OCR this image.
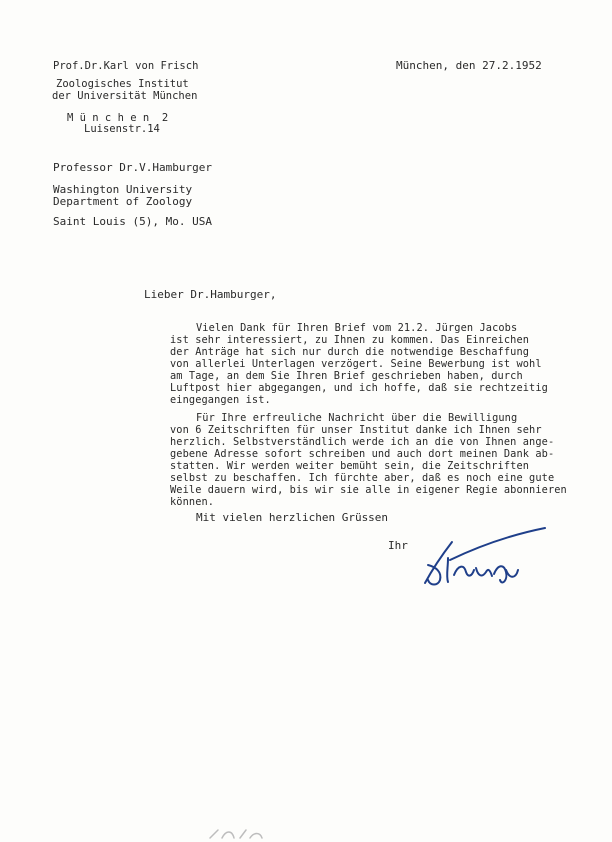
Prof.Dr.Karl von Frisch
Zoologisches Institut
der Universität München
M ü n c h e n  2
Luisenstr.14
München, den 27.2.1952
Professor Dr.V.Hamburger
Washington University
Department of Zoology
Saint Louis (5), Mo. USA
Lieber Dr.Hamburger,
Vielen Dank für Ihren Brief vom 21.2. Jürgen Jacobs
ist sehr interessiert, zu Ihnen zu kommen. Das Einreichen
der Anträge hat sich nur durch die notwendige Beschaffung
von allerlei Unterlagen verzögert. Seine Bewerbung ist wohl
am Tage, an dem Sie Ihren Brief geschrieben haben, durch
Luftpost hier abgegangen, und ich hoffe, daß sie rechtzeitig
eingegangen ist.
Für Ihre erfreuliche Nachricht über die Bewilligung
von 6 Zeitschriften für unser Institut danke ich Ihnen sehr
herzlich. Selbstverständlich werde ich an die von Ihnen ange-
gebene Adresse sofort schreiben und auch dort meinen Dank ab-
statten. Wir werden weiter bemüht sein, die Zeitschriften
selbst zu beschaffen. Ich fürchte aber, daß es noch eine gute
Weile dauern wird, bis wir sie alle in eigener Regie abonnieren
können.
Mit vielen herzlichen Grüssen
Ihr
